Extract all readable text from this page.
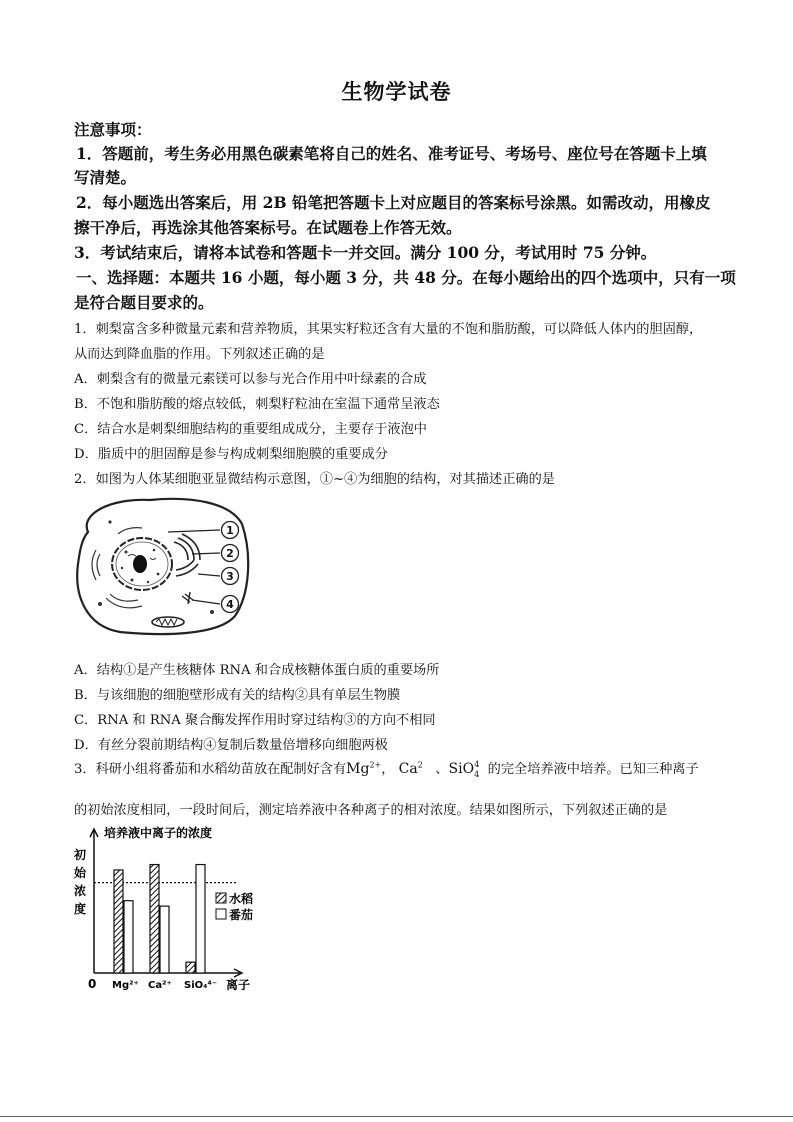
生物学试卷
注意事项：
1．答题前，考生务必用黑色碳素笔将自己的姓名、准考证号、考场号、座位号在答题卡上填
写清楚。
2．每小题选出答案后，用 2B 铅笔把答题卡上对应题目的答案标号涂黑。如需改动，用橡皮
擦干净后，再选涂其他答案标号。在试题卷上作答无效。
3．考试结束后，请将本试卷和答题卡一并交回。满分 100 分，考试用时 75 分钟。
一、选择题：本题共 16 小题，每小题 3 分，共 48 分。在每小题给出的四个选项中，只有一项
是符合题目要求的。
1．刺梨富含多种微量元素和营养物质，其果实籽粒还含有大量的不饱和脂肪酸，可以降低人体内的胆固醇，
从而达到降血脂的作用。下列叙述正确的是
A．刺梨含有的微量元素镁可以参与光合作用中叶绿素的合成
B．不饱和脂肪酸的熔点较低，刺梨籽粒油在室温下通常呈液态
C．结合水是刺梨细胞结构的重要组成成分，主要存于液泡中
D．脂质中的胆固醇是参与构成刺梨细胞膜的重要成分
2．如图为人体某细胞亚显微结构示意图，①~④为细胞的结构，对其描述正确的是
1
2
3
4
A．结构①是产生核糖体 RNA 和合成核糖体蛋白质的重要场所
B．与该细胞的细胞壁形成有关的结构②具有单层生物膜
C．RNA 和 RNA 聚合酶发挥作用时穿过结构③的方向不相同
D．有丝分裂前期结构④复制后数量倍增移向细胞两极
3．科研小组将番茄和水稻幼苗放在配制好含有$Mg^{2+}$， Ca$^2$ 、SiO$_4^4$ 的完全培养液中培养。已知三种离子
的初始浓度相同，一段时间后，测定培养液中各种离子的相对浓度。结果如图所示，下列叙述正确的是
培养液中离子的浓度
初
始
浓
度
Mg²⁺ Ca²⁺ SiO₄⁴⁻
0	离子
水稻
番茄
